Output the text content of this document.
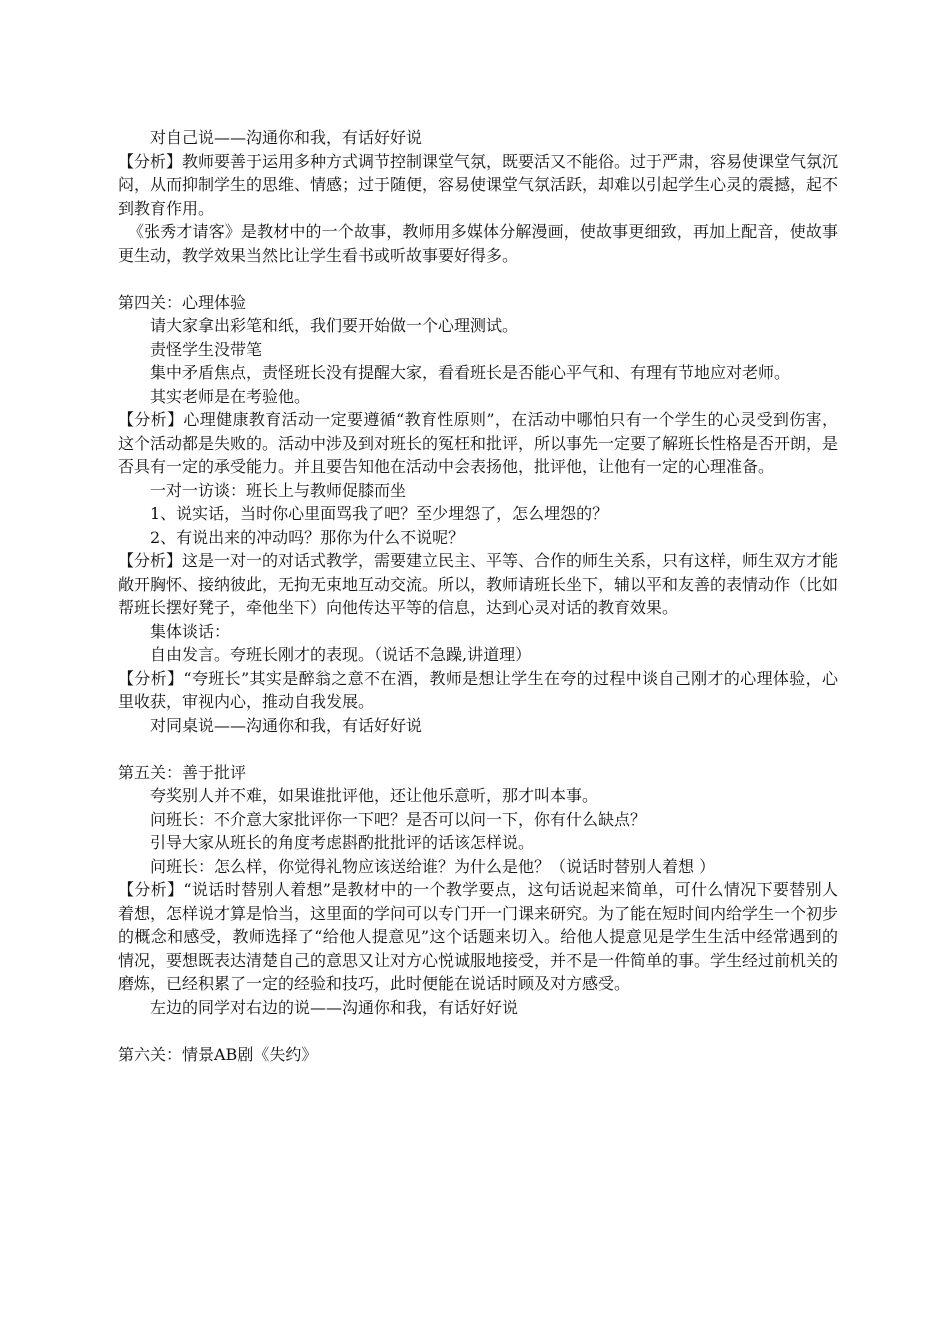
对自己说——沟通你和我，有话好好说

【分析】教师要善于运用多种方式调节控制课堂气氛，既要活又不能俗。过于严肃，容易使课堂气氛沉闷，从而抑制学生的思维、情感；过于随便，容易使课堂气氛活跃，却难以引起学生心灵的震撼，起不到教育作用。

《张秀才请客》是教材中的一个故事，教师用多媒体分解漫画，使故事更细致，再加上配音，使故事更生动，教学效果当然比让学生看书或听故事要好得多。

第四关：心理体验

请大家拿出彩笔和纸，我们要开始做一个心理测试。

责怪学生没带笔

集中矛盾焦点，责怪班长没有提醒大家，看看班长是否能心平气和、有理有节地应对老师。

其实老师是在考验他。

【分析】心理健康教育活动一定要遵循“教育性原则”，在活动中哪怕只有一个学生的心灵受到伤害，这个活动都是失败的。活动中涉及到对班长的冤枉和批评，所以事先一定要了解班长性格是否开朗，是否具有一定的承受能力。并且要告知他在活动中会表扬他，批评他，让他有一定的心理准备。

一对一访谈：班长上与教师促膝而坐

1、说实话，当时你心里面骂我了吧？至少埋怨了，怎么埋怨的？

2、有说出来的冲动吗？那你为什么不说呢？

【分析】这是一对一的对话式教学，需要建立民主、平等、合作的师生关系，只有这样，师生双方才能敞开胸怀、接纳彼此，无拘无束地互动交流。所以，教师请班长坐下，辅以平和友善的表情动作（比如帮班长摆好凳子，牵他坐下）向他传达平等的信息，达到心灵对话的教育效果。

集体谈话：

自由发言。夸班长刚才的表现。（说话不急躁,讲道理）

【分析】“夸班长”其实是醉翁之意不在酒，教师是想让学生在夸的过程中谈自己刚才的心理体验，心里收获，审视内心，推动自我发展。

对同桌说——沟通你和我，有话好好说

第五关：善于批评

夸奖别人并不难，如果谁批评他，还让他乐意听，那才叫本事。

问班长：不介意大家批评你一下吧？是否可以问一下，你有什么缺点？

引导大家从班长的角度考虑斟酌批批评的话该怎样说。

问班长：怎么样，你觉得礼物应该送给谁？为什么是他？（说话时替别人着想 ）

【分析】“说话时替别人着想”是教材中的一个教学要点，这句话说起来简单，可什么情况下要替别人着想，怎样说才算是恰当，这里面的学问可以专门开一门课来研究。为了能在短时间内给学生一个初步的概念和感受，教师选择了“给他人提意见”这个话题来切入。给他人提意见是学生生活中经常遇到的情况，要想既表达清楚自己的意思又让对方心悦诚服地接受，并不是一件简单的事。学生经过前机关的磨炼，已经积累了一定的经验和技巧，此时便能在说话时顾及对方感受。

左边的同学对右边的说——沟通你和我，有话好好说

第六关：情景AB剧《失约》
